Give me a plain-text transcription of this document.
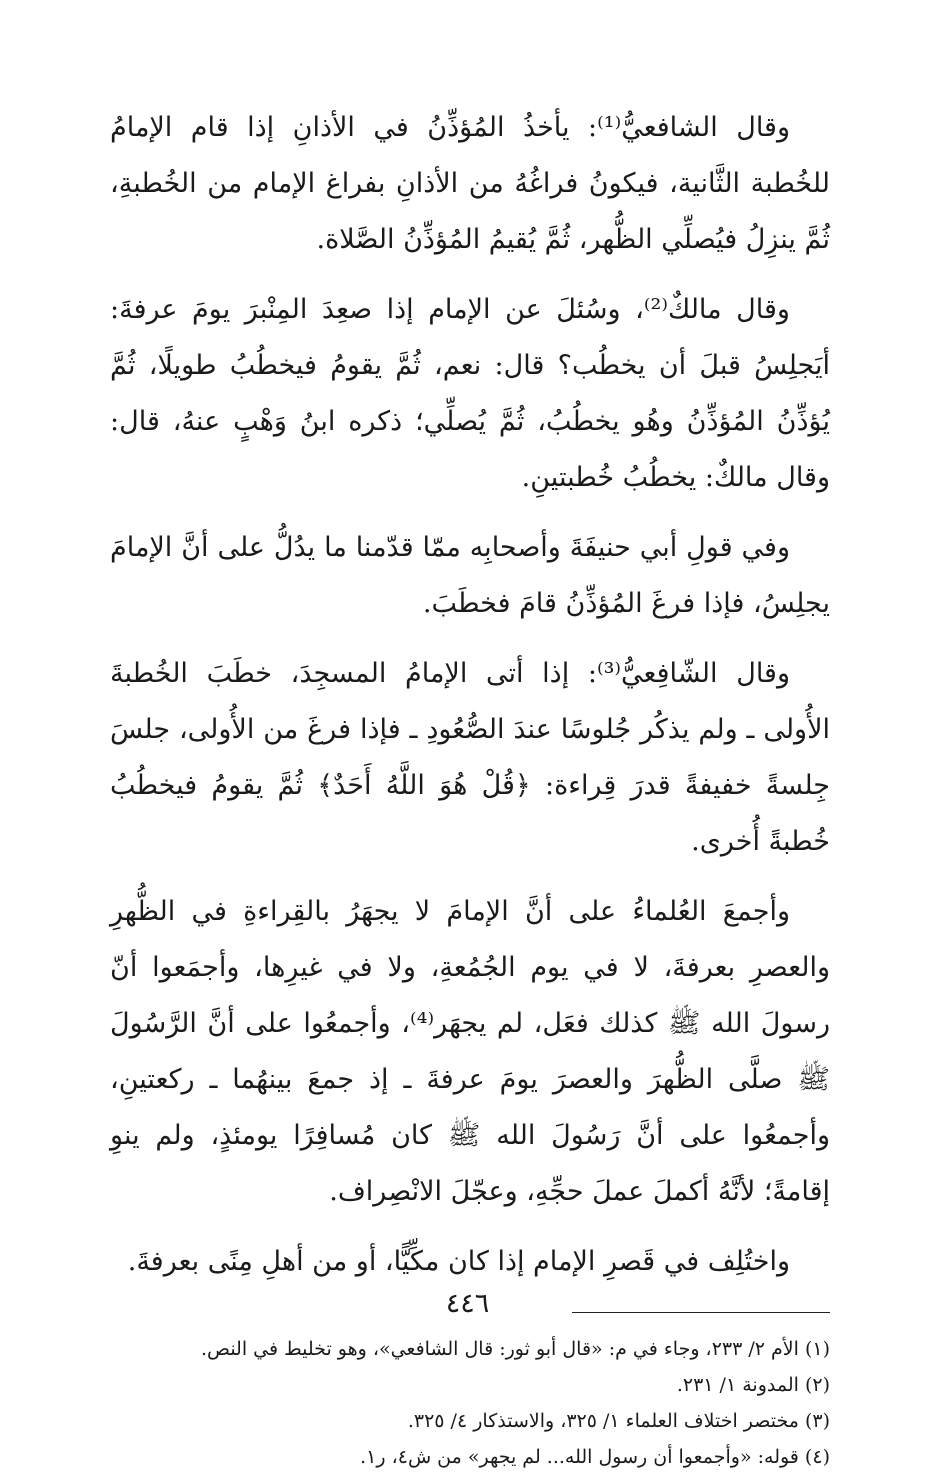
وقال الشافعيُّ⁽¹⁾: يأخذُ المُؤذِّنُ في الأذانِ إذا قام الإمامُ للخُطبة الثَّانية، فيكونُ فراغُهُ من الأذانِ بفراغ الإمام من الخُطبةِ، ثُمَّ ينزِلُ فيُصلِّي الظُّهر، ثُمَّ يُقيمُ المُؤذِّنُ الصَّلاة.

وقال مالكٌ⁽²⁾، وسُئلَ عن الإمام إذا صعِدَ المِنْبرَ يومَ عرفةَ: أيَجلِسُ قبلَ أن يخطُب؟ قال: نعم، ثُمَّ يقومُ فيخطُبُ طويلًا، ثُمَّ يُؤذِّنُ المُؤذِّنُ وهُو يخطُبُ، ثُمَّ يُصلِّي؛ ذكره ابنُ وَهْبٍ عنهُ، قال: وقال مالكٌ: يخطُبُ خُطبتينِ.

وفي قولِ أبي حنيفَةَ وأصحابِه ممّا قدّمنا ما يدُلُّ على أنَّ الإمامَ يجلِسُ، فإذا فرغَ المُؤذِّنُ قامَ فخطَبَ.

وقال الشّافِعيُّ⁽³⁾: إذا أتى الإمامُ المسجِدَ، خطَبَ الخُطبةَ الأُولى ـ ولم يذكُر جُلوسًا عندَ الصُّعُودِ ـ فإذا فرغَ من الأُولى، جلسَ جِلسةً خفيفةً قدرَ قِراءة: ﴿قُلْ هُوَ اللَّهُ أَحَدٌ﴾ ثُمَّ يقومُ فيخطُبُ خُطبةً أُخرى.

وأجمعَ العُلماءُ على أنَّ الإمامَ لا يجهَرُ بالقِراءةِ في الظُّهرِ والعصرِ بعرفةَ، لا في يوم الجُمُعةِ، ولا في غيرِها، وأجمَعوا أنّ رسولَ الله ﷺ كذلك فعَل، لم يجهَر⁽⁴⁾، وأجمعُوا على أنَّ الرَّسُولَ ﷺ صلَّى الظُّهرَ والعصرَ يومَ عرفةَ ـ إذ جمعَ بينهُما ـ ركعتينِ، وأجمعُوا على أنَّ رَسُولَ الله ﷺ كان مُسافِرًا يومئذٍ، ولم ينوِ إقامةً؛ لأنَّهُ أكملَ عملَ حجِّهِ، وعجّلَ الانْصِراف.

واختُلِف في قَصرِ الإمام إذا كان مكِّيًّا، أو من أهلِ مِنًى بعرفةَ.

(١) الأم ٢/ ٢٣٣، وجاء في م: «قال أبو ثور: قال الشافعي»، وهو تخليط في النص.

(٢) المدونة ١/ ٢٣١.

(٣) مختصر اختلاف العلماء ١/ ٣٢٥، والاستذكار ٤/ ٣٢٥.

(٤) قوله: «وأجمعوا أن رسول الله... لم يجهر» من ش٤، ر١.

٤٤٦
